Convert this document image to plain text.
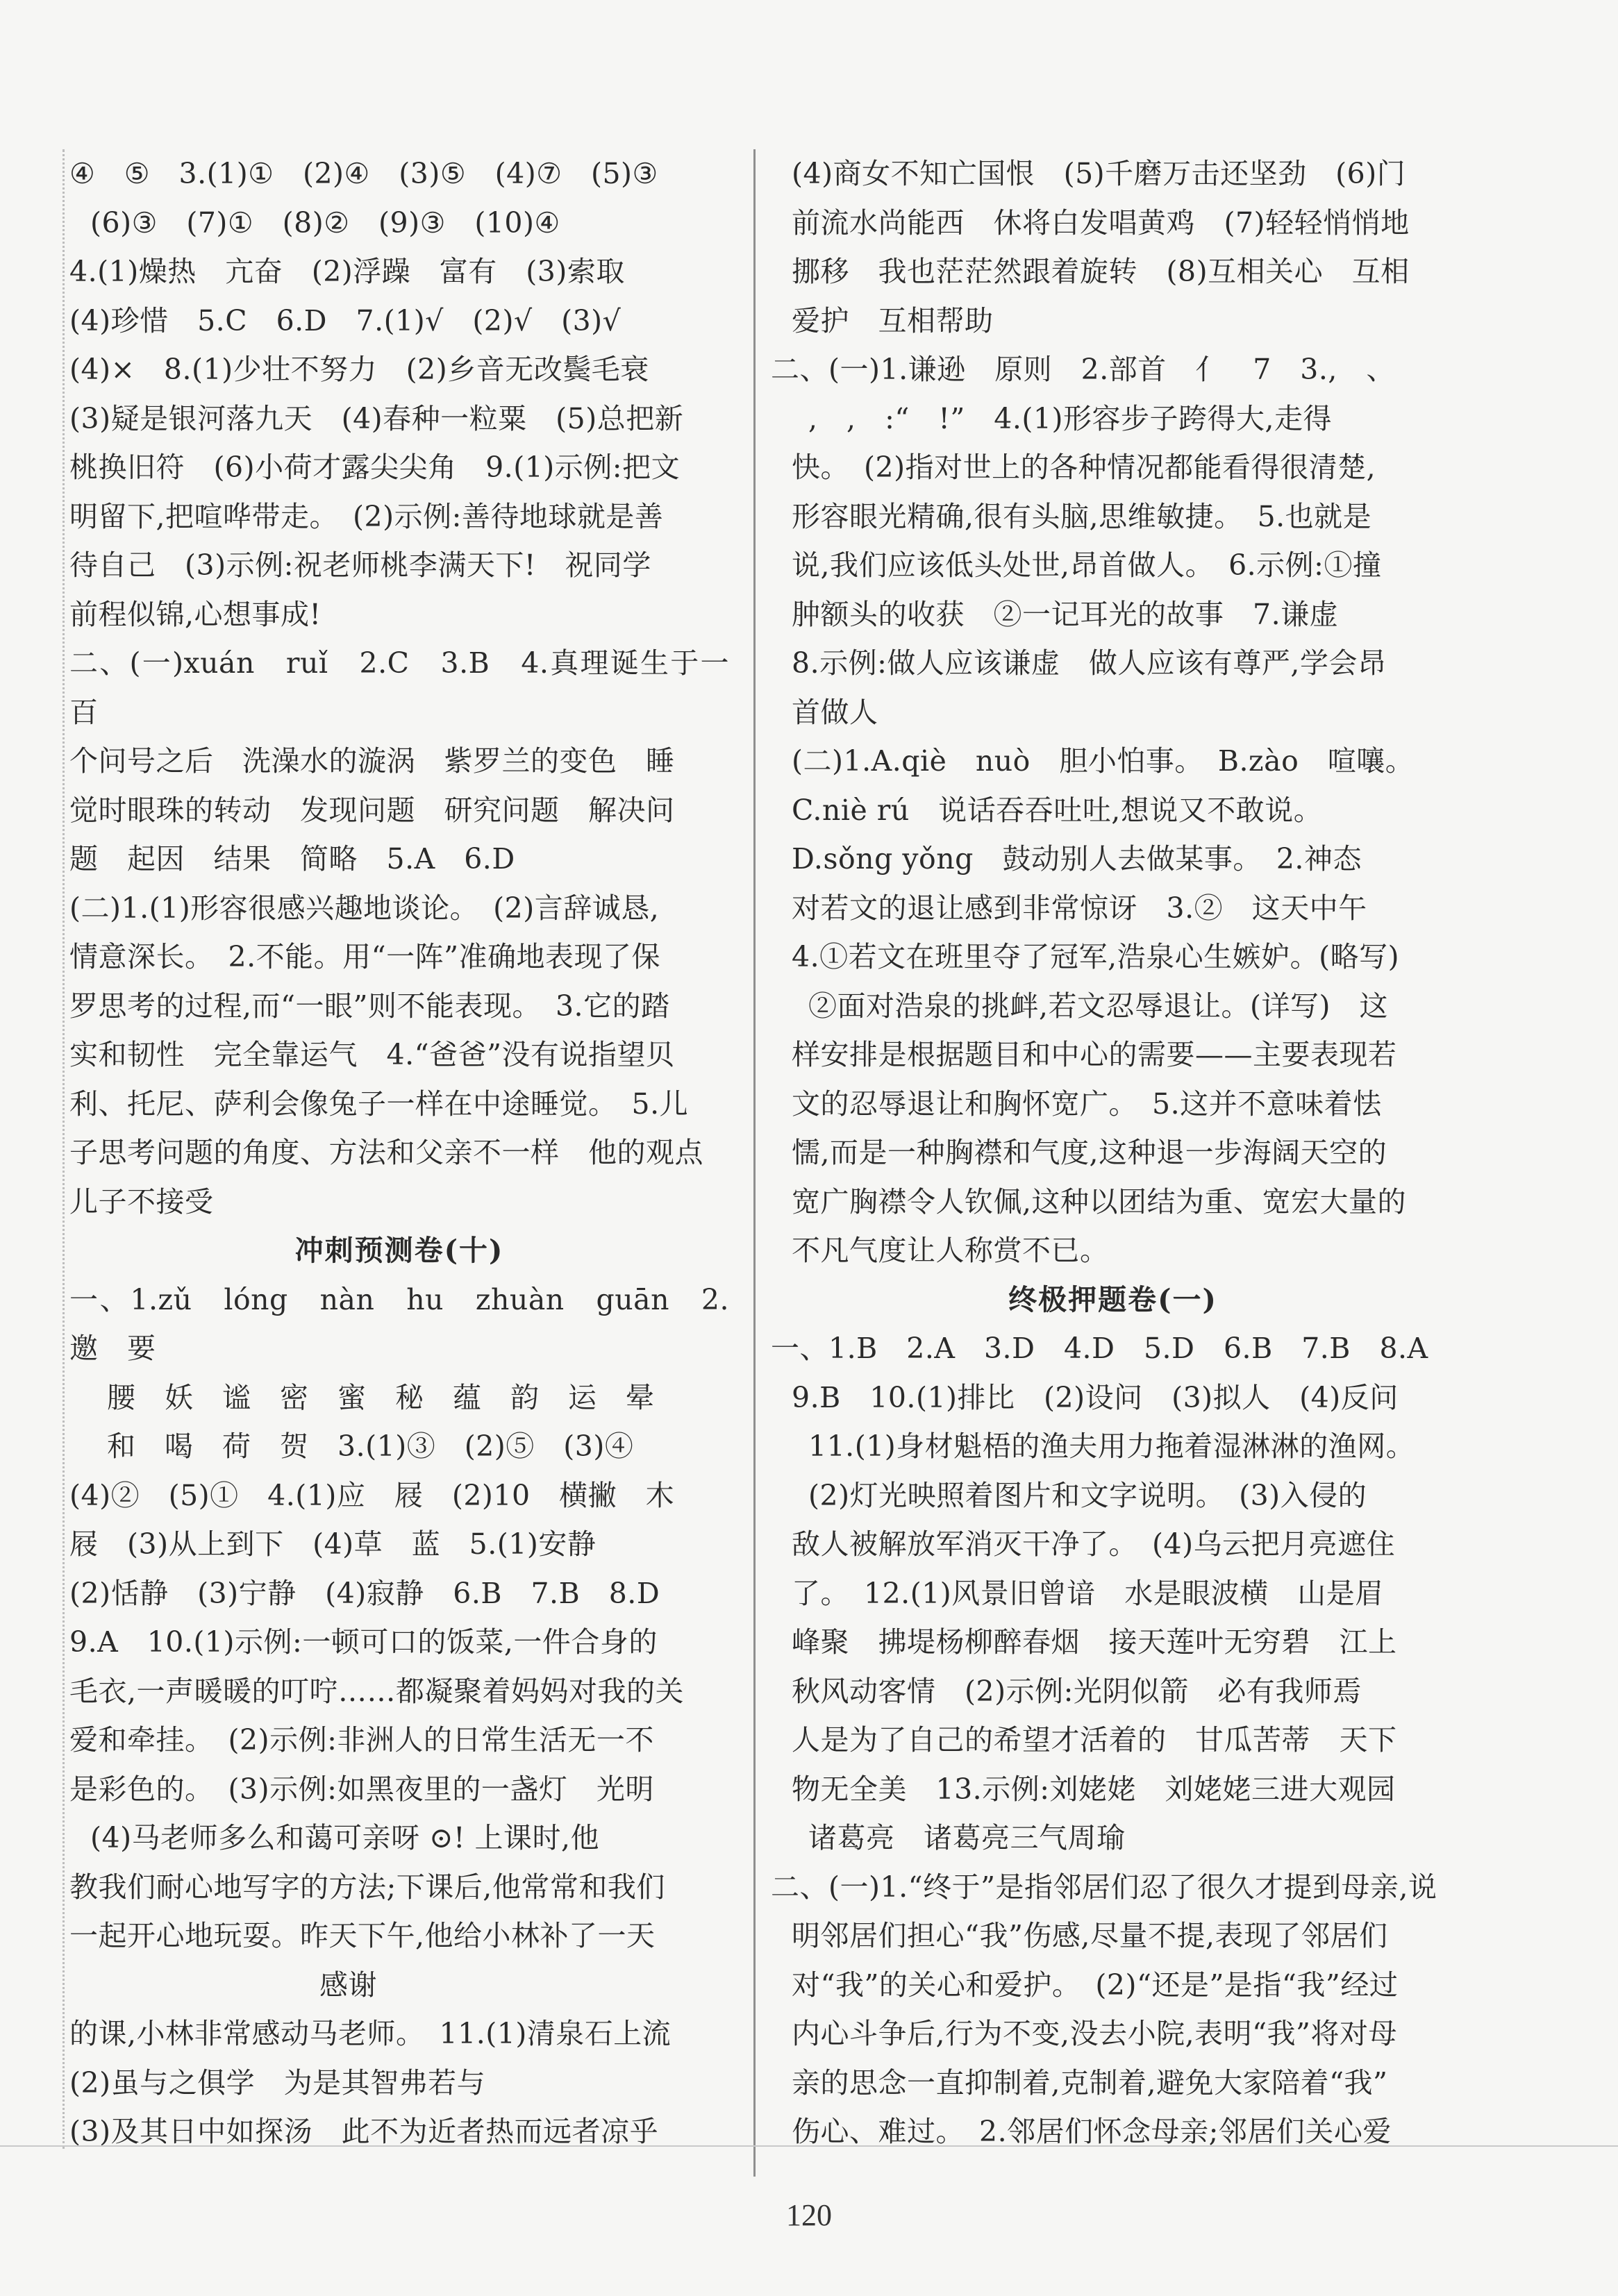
④　⑤　3.(1)①　(2)④　(3)⑤　(4)⑦　(5)③

(6)③　(7)①　(8)②　(9)③　(10)④

4.(1)燥热　亢奋　(2)浮躁　富有　(3)索取

(4)珍惜　5.C　6.D　7.(1)√　(2)√　(3)√

(4)×　8.(1)少壮不努力　(2)乡音无改鬓毛衰

(3)疑是银河落九天　(4)春种一粒粟　(5)总把新

桃换旧符　(6)小荷才露尖尖角　9.(1)示例:把文

明留下,把喧哗带走。　(2)示例:善待地球就是善

待自己　(3)示例:祝老师桃李满天下!　祝同学

前程似锦,心想事成!

二、(一)xuán　ruǐ　2.C　3.B　4.真理诞生于一百

个问号之后　洗澡水的漩涡　紫罗兰的变色　睡

觉时眼珠的转动　发现问题　研究问题　解决问

题　起因　结果　简略　5.A　6.D

(二)1.(1)形容很感兴趣地谈论。　(2)言辞诚恳,

情意深长。　2.不能。用“一阵”准确地表现了保

罗思考的过程,而“一眼”则不能表现。　3.它的踏

实和韧性　完全靠运气　4.“爸爸”没有说指望贝

利、托尼、萨利会像兔子一样在中途睡觉。　5.儿

子思考问题的角度、方法和父亲不一样　他的观点

儿子不接受

冲刺预测卷(十)

一、1.zǔ　lóng　nàn　hu　zhuàn　guān　2.邀　要

腰　妖　谧　密　蜜　秘　蕴　韵　运　晕

和　喝　荷　贺　3.(1)③　(2)⑤　(3)④

(4)②　(5)①　4.(1)应　屐　(2)10　横撇　木

屐　(3)从上到下　(4)草　蓝　5.(1)安静

(2)恬静　(3)宁静　(4)寂静　6.B　7.B　8.D

9.A　10.(1)示例:一顿可口的饭菜,一件合身的

毛衣,一声暖暖的叮咛……都凝聚着妈妈对我的关

爱和牵挂。　(2)示例:非洲人的日常生活无一不

是彩色的。　(3)示例:如黑夜里的一盏灯　光明

(4)马老师多么和蔼可亲呀 ⊙! 上课时,他

教我们耐心地写字的方法;下课后,他常常和我们

一起开心地玩耍。昨天下午,他给小林补了一天

感谢

的课,小林非常感动马老师。　11.(1)清泉石上流

(2)虽与之俱学　为是其智弗若与

(3)及其日中如探汤　此不为近者热而远者凉乎

(4)商女不知亡国恨　(5)千磨万击还坚劲　(6)门

前流水尚能西　休将白发唱黄鸡　(7)轻轻悄悄地

挪移　我也茫茫然跟着旋转　(8)互相关心　互相

爱护　互相帮助

二、(一)1.谦逊　原则　2.部首　亻　7　3.,　、

,　,　:“　!”　4.(1)形容步子跨得大,走得

快。　(2)指对世上的各种情况都能看得很清楚,

形容眼光精确,很有头脑,思维敏捷。　5.也就是

说,我们应该低头处世,昂首做人。　6.示例:①撞

肿额头的收获　②一记耳光的故事　7.谦虚

8.示例:做人应该谦虚　做人应该有尊严,学会昂

首做人

(二)1.A.qiè　nuò　胆小怕事。　B.zào　喧嚷。

C.niè rú　说话吞吞吐吐,想说又不敢说。

D.sǒng yǒng　鼓动别人去做某事。　2.神态

对若文的退让感到非常惊讶　3.②　这天中午

4.①若文在班里夺了冠军,浩泉心生嫉妒。(略写)

②面对浩泉的挑衅,若文忍辱退让。(详写)　这

样安排是根据题目和中心的需要——主要表现若

文的忍辱退让和胸怀宽广。　5.这并不意味着怯

懦,而是一种胸襟和气度,这种退一步海阔天空的

宽广胸襟令人钦佩,这种以团结为重、宽宏大量的

不凡气度让人称赏不已。

终极押题卷(一)

一、1.B　2.A　3.D　4.D　5.D　6.B　7.B　8.A

9.B　10.(1)排比　(2)设问　(3)拟人　(4)反问

11.(1)身材魁梧的渔夫用力拖着湿淋淋的渔网。

(2)灯光映照着图片和文字说明。　(3)入侵的

敌人被解放军消灭干净了。　(4)乌云把月亮遮住

了。　12.(1)风景旧曾谙　水是眼波横　山是眉

峰聚　拂堤杨柳醉春烟　接天莲叶无穷碧　江上

秋风动客情　(2)示例:光阴似箭　必有我师焉

人是为了自己的希望才活着的　甘瓜苦蒂　天下

物无全美　13.示例:刘姥姥　刘姥姥三进大观园

诸葛亮　诸葛亮三气周瑜

二、(一)1.“终于”是指邻居们忍了很久才提到母亲,说

明邻居们担心“我”伤感,尽量不提,表现了邻居们

对“我”的关心和爱护。　(2)“还是”是指“我”经过

内心斗争后,行为不变,没去小院,表明“我”将对母

亲的思念一直抑制着,克制着,避免大家陪着“我”

伤心、难过。　2.邻居们怀念母亲;邻居们关心爱

120
